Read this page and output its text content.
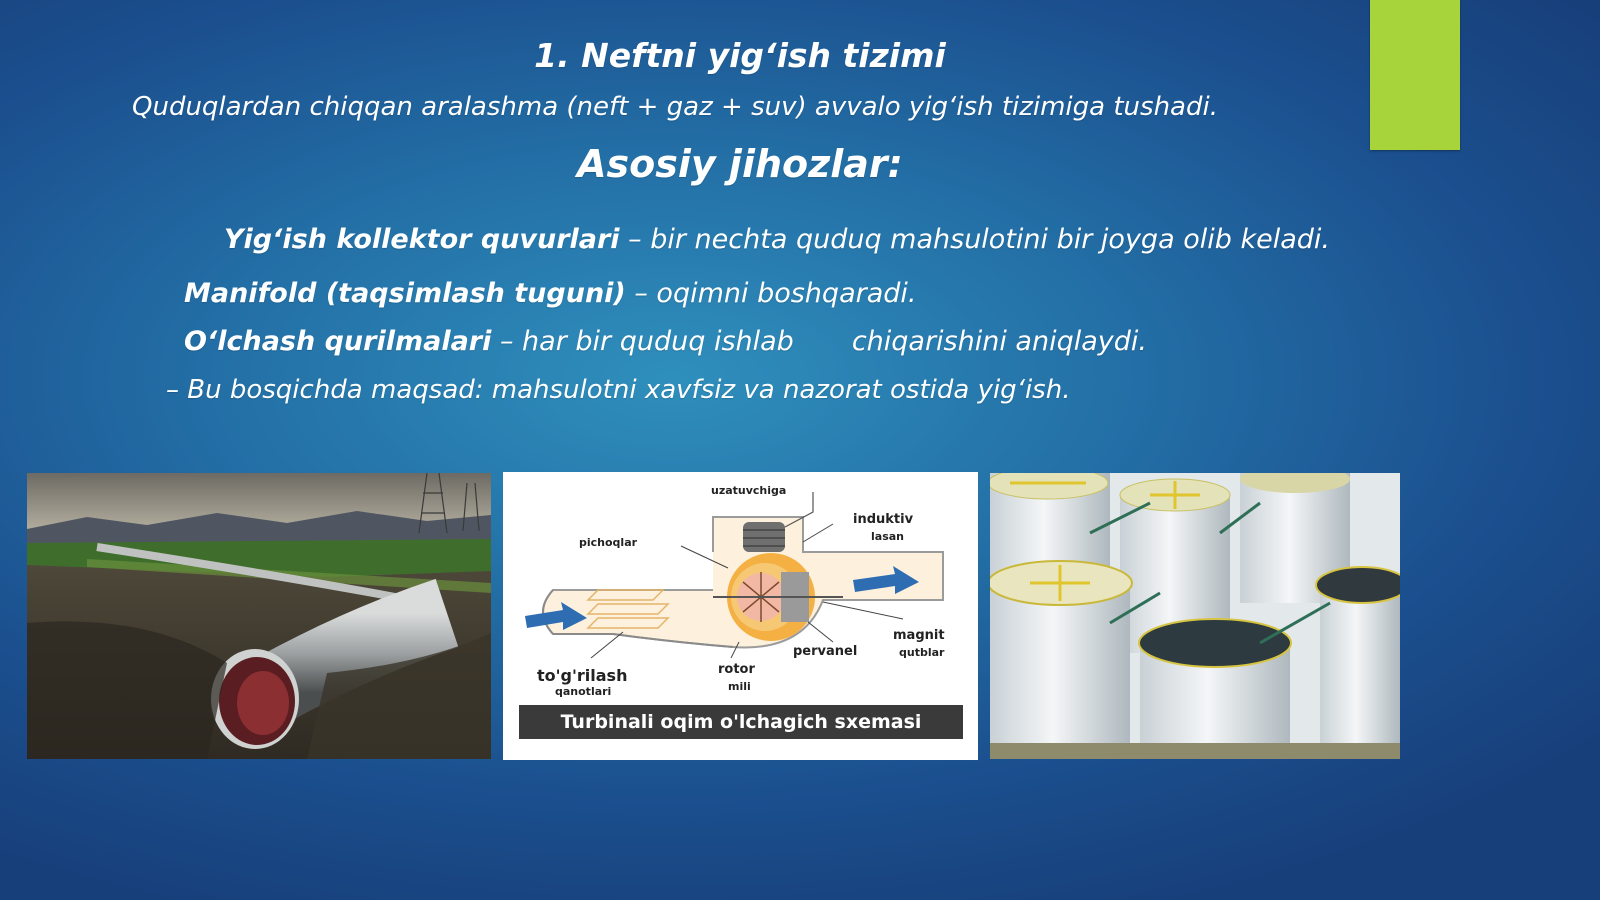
1. Neftni yig‘ish tizimi
Quduqlardan chiqqan aralashma (neft + gaz + suv) avvalo yig‘ish tizimiga tushadi.
Asosiy jihozlar:
Yig‘ish kollektor quvurlari – bir nechta quduq mahsulotini bir joyga olib keladi.
Manifold (taqsimlash tuguni) – oqimni boshqaradi.
O‘lchash qurilmalari – har bir quduq ishlab chiqarishini aniqlaydi.
– Bu bosqichda maqsad: mahsulotni xavfsiz va nazorat ostida yig‘ish.
uzatuvchiga
induktiv
lasan
pichoqlar
magnit
qutblar
pervanel
rotor
mili
to'g'rilash
qanotlari
Turbinali oqim o'lchagich sxemasi
